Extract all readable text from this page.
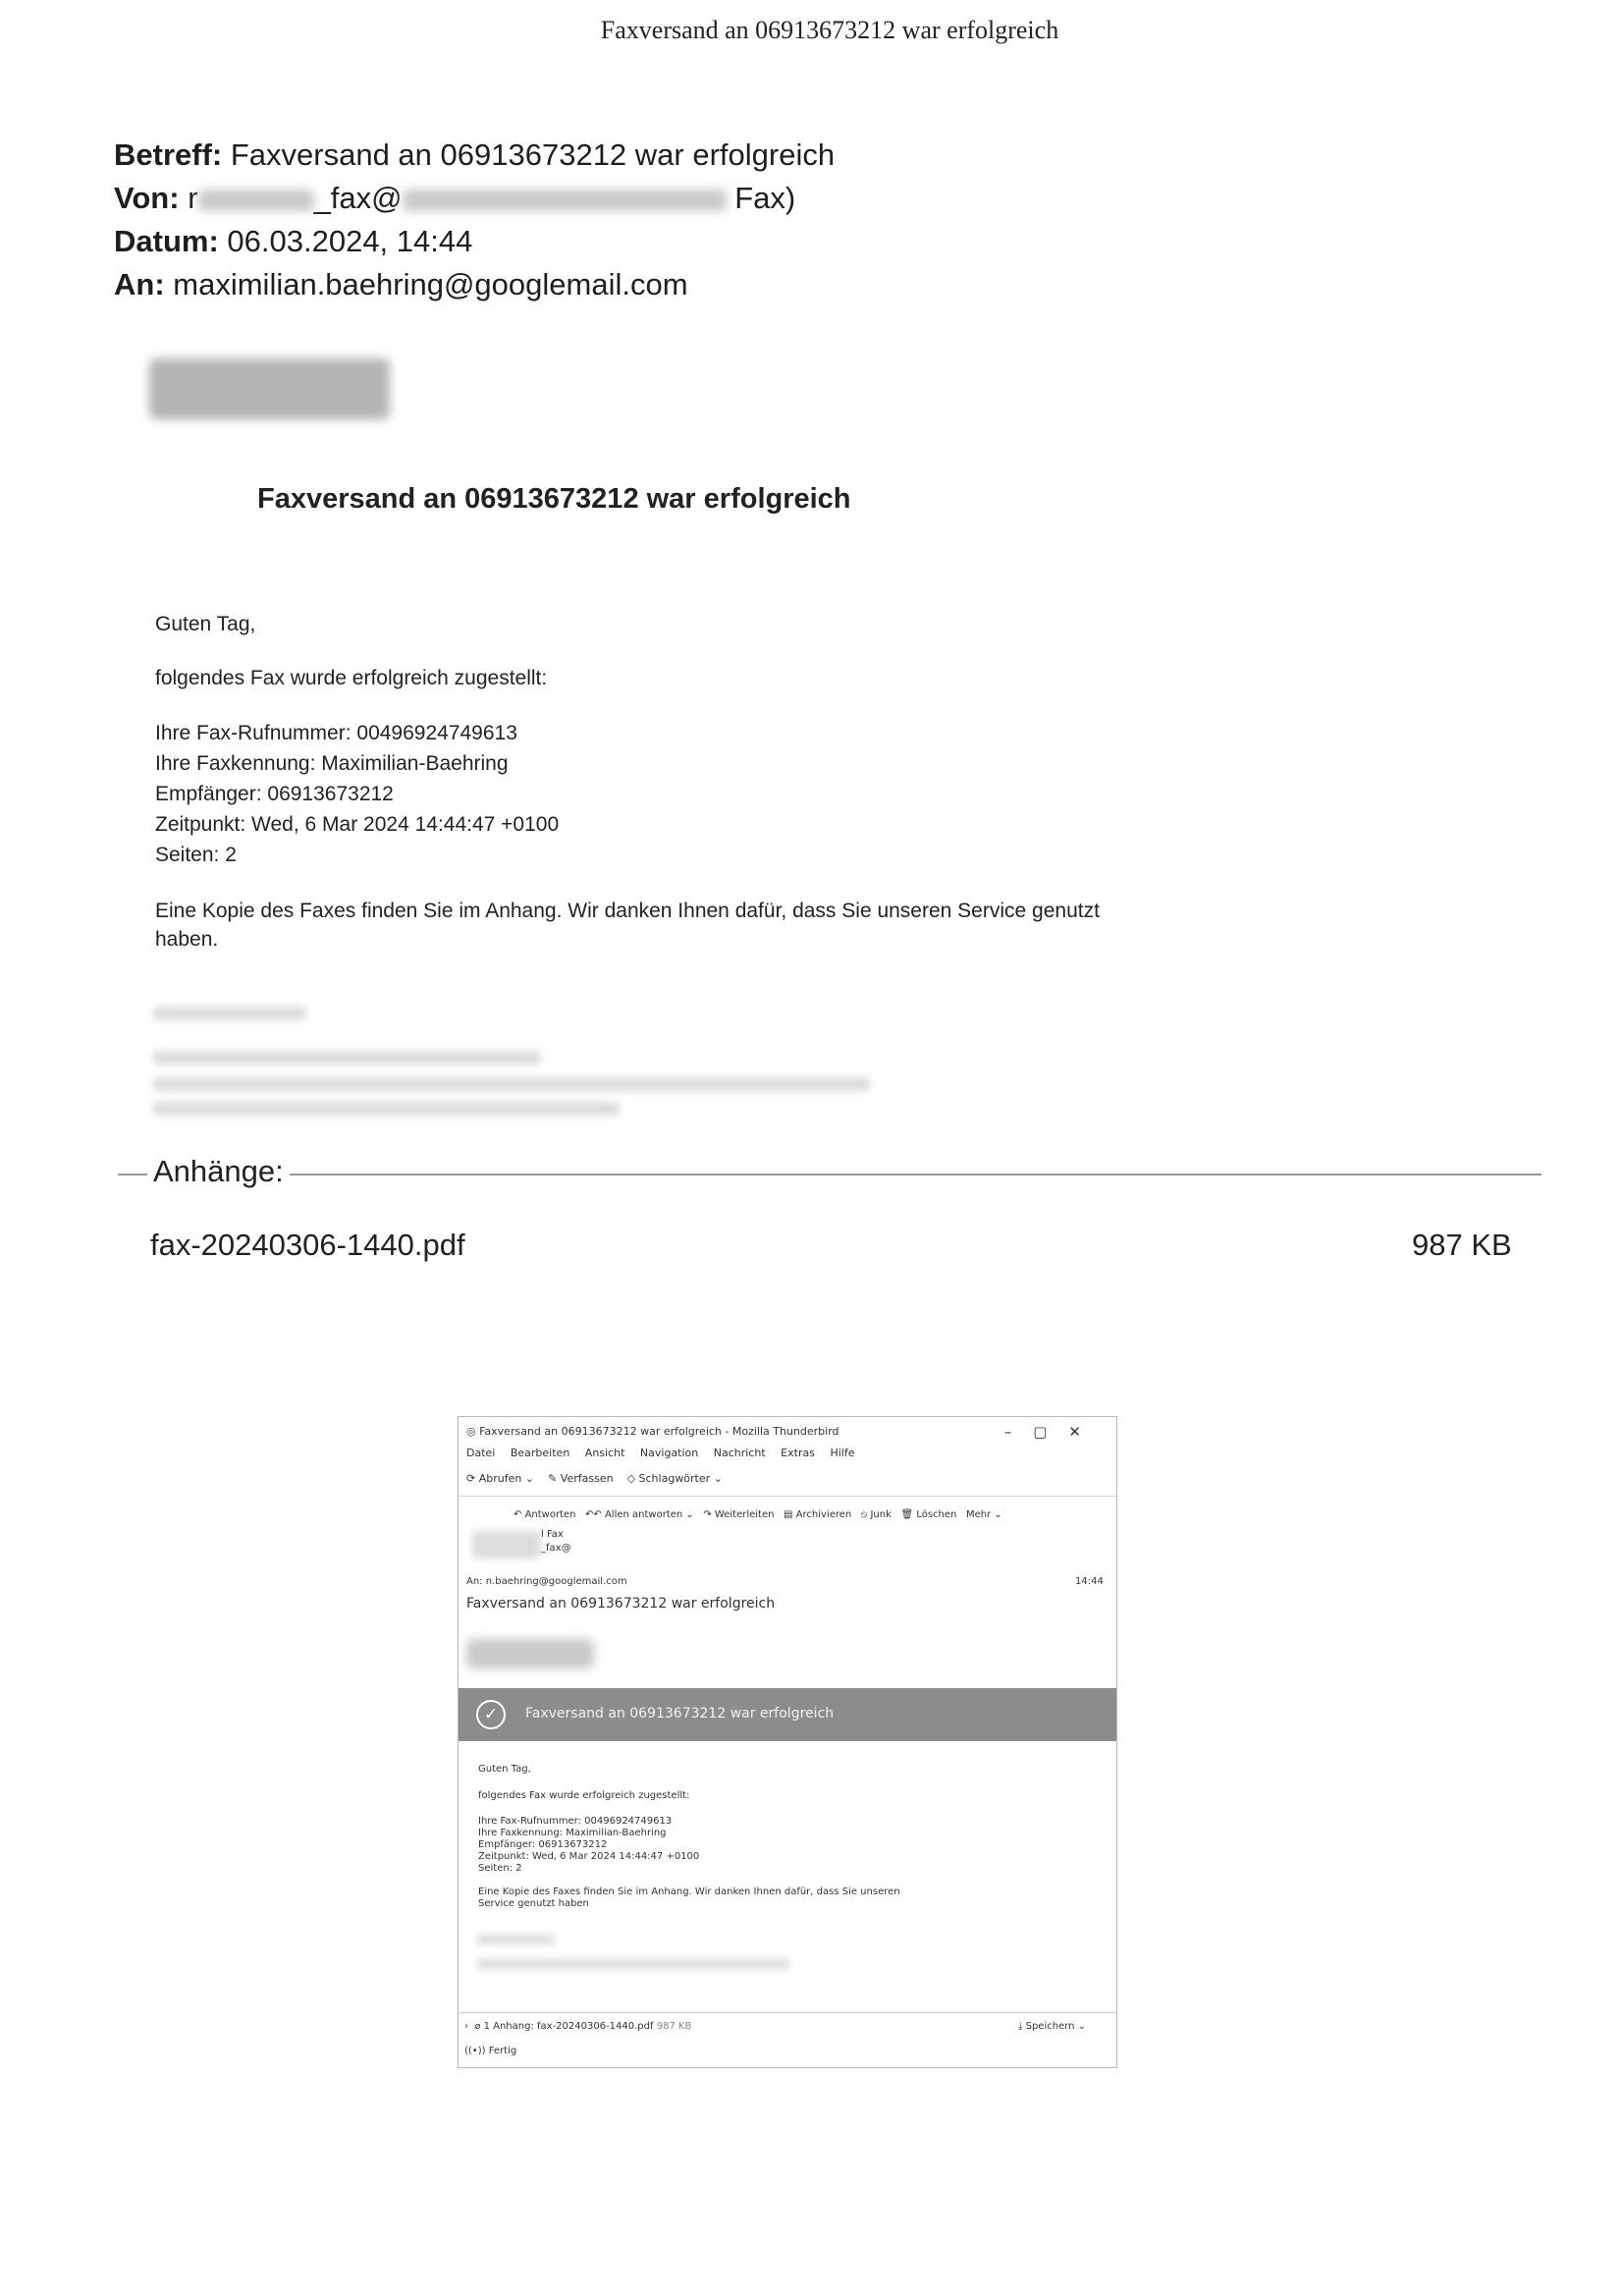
Faxversand an 06913673212 war erfolgreich
Betreff: Faxversand an 06913673212 war erfolgreich
Von: r	_fax@	Fax)
Datum: 06.03.2024, 14:44
An: maximilian.baehring@googlemail.com
Faxversand an 06913673212 war erfolgreich
Guten Tag,
folgendes Fax wurde erfolgreich zugestellt:
Ihre Fax-Rufnummer: 00496924749613
Ihre Faxkennung: Maximilian-Baehring
Empfänger: 06913673212
Zeitpunkt: Wed, 6 Mar 2024 14:44:47 +0100
Seiten: 2
Eine Kopie des Faxes finden Sie im Anhang. Wir danken Ihnen dafür, dass Sie unseren Service genutzt
haben.
Anhänge:
fax-20240306-1440.pdf	987 KB
◎ Faxversand an 06913673212 war erfolgreich - Mozilla Thunderbird	–▢✕
Datei Bearbeiten Ansicht Navigation Nachricht Extras Hilfe
⟳ Abrufen ⌄ ✎ Verfassen ◇ Schlagwörter ⌄
↶ Antworten ↶↶ Allen antworten ⌄ ↷ Weiterleiten ▤ Archivieren ⦸ Junk 🗑 Löschen Mehr ⌄
l Fax
_fax@
An: n.baehring@googlemail.com	14:44
Faxversand an 06913673212 war erfolgreich
✓	Faxversand an 06913673212 war erfolgreich
Guten Tag,
folgendes Fax wurde erfolgreich zugestellt:
Ihre Fax-Rufnummer: 00496924749613
Ihre Faxkennung: Maximilian-Baehring
Empfänger: 06913673212
Zeitpunkt: Wed, 6 Mar 2024 14:44:47 +0100
Seiten: 2
Eine Kopie des Faxes finden Sie im Anhang. Wir danken Ihnen dafür, dass Sie unseren
Service genutzt haben
› ⌀ 1 Anhang: fax-20240306-1440.pdf 987 KB	⤓ Speichern ⌄
((•)) Fertig
